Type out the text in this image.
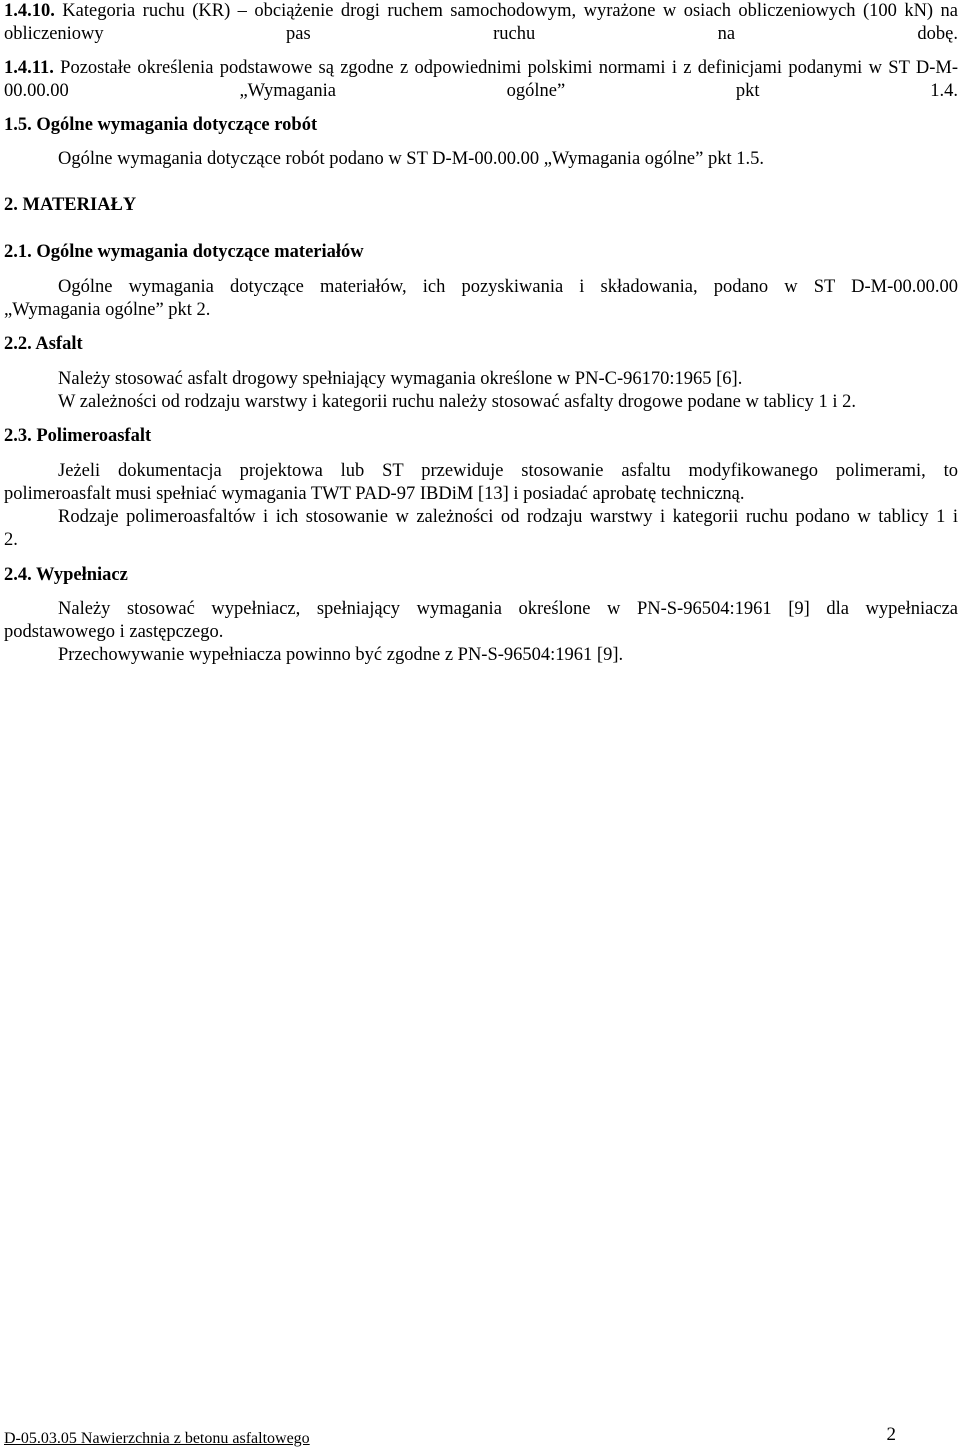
1.4.10. Kategoria ruchu (KR) – obciążenie drogi ruchem samochodowym, wyrażone w osiach obliczeniowych (100 kN) na obliczeniowy pas ruchu na dobę.

1.4.11. Pozostałe określenia podstawowe są zgodne z odpowiednimi polskimi normami i z definicjami podanymi w ST D-M-00.00.00 „Wymagania ogólne” pkt 1.4.

1.5. Ogólne wymagania dotyczące robót
Ogólne wymagania dotyczące robót podano w ST D-M-00.00.00 „Wymagania ogólne” pkt 1.5.
2. MATERIAŁY
2.1. Ogólne wymagania dotyczące materiałów
Ogólne wymagania dotyczące materiałów, ich pozyskiwania i składowania, podano w ST D-M-00.00.00
„Wymagania ogólne” pkt 2.
2.2. Asfalt
Należy stosować asfalt drogowy spełniający wymagania określone w PN-C-96170:1965 [6].
W zależności od rodzaju warstwy i kategorii ruchu należy stosować asfalty drogowe podane w tablicy 1 i 2.
2.3. Polimeroasfalt
Jeżeli dokumentacja projektowa lub ST przewiduje stosowanie asfaltu modyfikowanego polimerami, to
polimeroasfalt musi spełniać wymagania TWT PAD-97 IBDiM [13] i posiadać aprobatę techniczną.
Rodzaje polimeroasfaltów i ich stosowanie w zależności od rodzaju warstwy i kategorii ruchu podano w tablicy 1 i
2.
2.4. Wypełniacz
Należy stosować wypełniacz, spełniający wymagania określone w PN-S-96504:1961 [9] dla wypełniacza
podstawowego i zastępczego.
Przechowywanie wypełniacza powinno być zgodne z PN-S-96504:1961 [9].
D-05.03.05 Nawierzchnia z betonu asfaltowego	2
